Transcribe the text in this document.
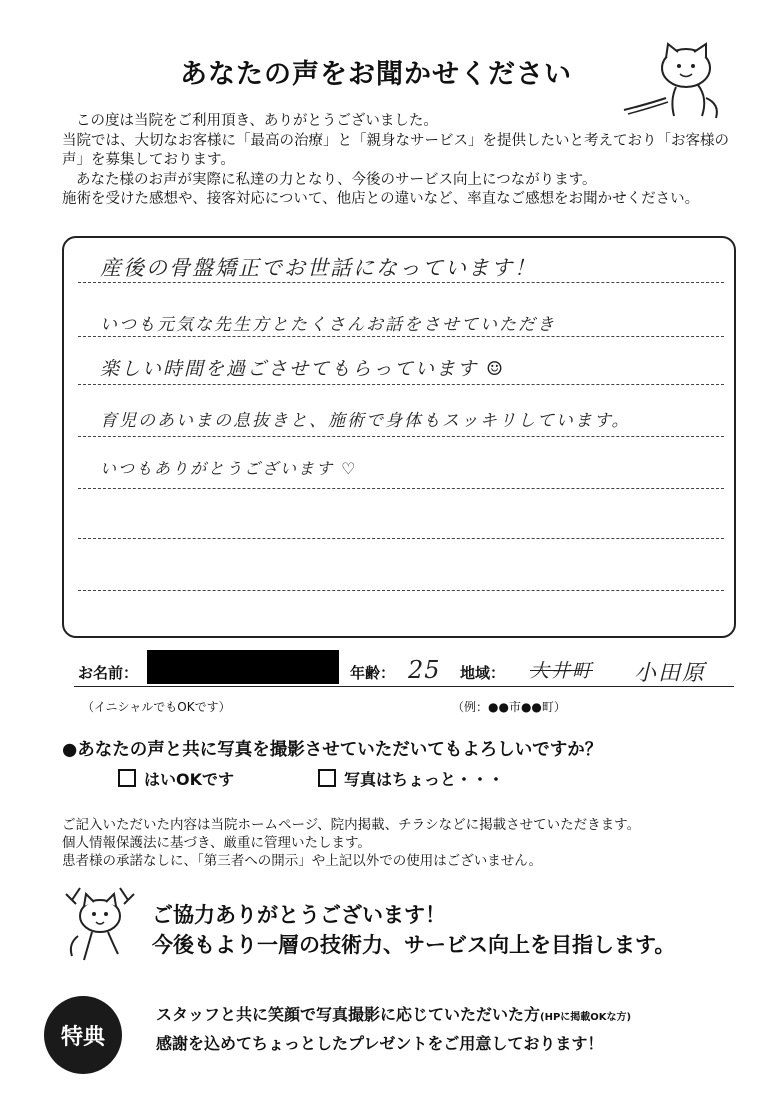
あなたの声をお聞かせください

この度は当院をご利用頂き、ありがとうございました。

当院では、大切なお客様に「最高の治療」と「親身なサービス」を提供したいと考えており「お客様の声」を募集しております。

あなた様のお声が実際に私達の力となり、今後のサービス向上につながります。

施術を受けた感想や、接客対応について、他店との違いなど、率直なご感想をお聞かせください。

産後の骨盤矯正でお世話になっています！
いつも元気な先生方とたくさんお話をさせていただき
楽しい時間を過ごさせてもらっています ☺
育児のあいまの息抜きと、施術で身体もスッキリしています。
いつもありがとうございます ♡
お名前：	年齢： 25 地域： 大井町 小田原
（イニシャルでもOKです）	（例：●●市●●町）
●あなたの声と共に写真を撮影させていただいてもよろしいですか？
はいOKです	写真はちょっと・・・

ご記入いただいた内容は当院ホームページ、院内掲載、チラシなどに掲載させていただきます。

個人情報保護法に基づき、厳重に管理いたします。

患者様の承諾なしに、「第三者への開示」や上記以外での使用はございません。

ご協力ありがとうございます！
今後もより一層の技術力、サービス向上を目指します。
特典
スタッフと共に笑顔で写真撮影に応じていただいた方(HPに掲載OKな方)
感謝を込めてちょっとしたプレゼントをご用意しております！
